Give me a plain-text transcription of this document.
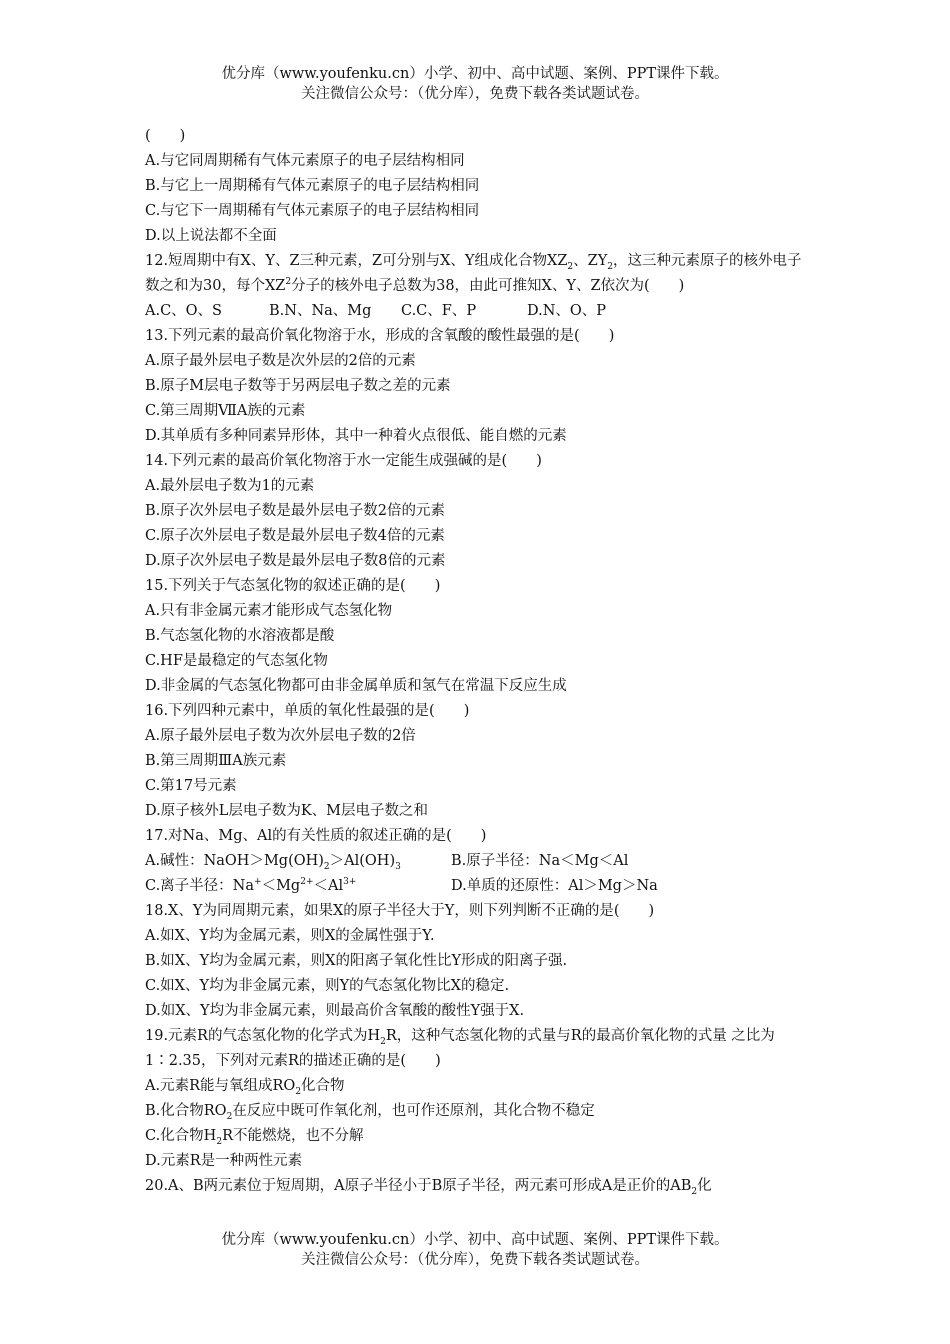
优分库（www.youfenku.cn）小学、初中、高中试题、案例、PPT课件下载。
关注微信公众号：（优分库），免费下载各类试题试卷。
(　　)
A.与它同周期稀有气体元素原子的电子层结构相同
B.与它上一周期稀有气体元素原子的电子层结构相同
C.与它下一周期稀有气体元素原子的电子层结构相同
D.以上说法都不全面
12.短周期中有X、Y、Z三种元素，Z可分别与X、Y组成化合物$XZ_2$、$ZY_2$，这三种元素原子的核外电子数之和为30，每个$XZ^2$分子的核外电子总数为38，由此可推知X、Y、Z依次为(　　)
A.C、O、S	B.N、Na、Mg	C.C、F、P	D.N、O、P
13.下列元素的最高价氧化物溶于水，形成的含氧酸的酸性最强的是(　　)
A.原子最外层电子数是次外层的2倍的元素
B.原子M层电子数等于另两层电子数之差的元素
C.第三周期ⅦA族的元素
D.其单质有多种同素异形体，其中一种着火点很低、能自燃的元素
14.下列元素的最高价氧化物溶于水一定能生成强碱的是(　　)
A.最外层电子数为1的元素
B.原子次外层电子数是最外层电子数2倍的元素
C.原子次外层电子数是最外层电子数4倍的元素
D.原子次外层电子数是最外层电子数8倍的元素
15.下列关于气态氢化物的叙述正确的是(　　)
A.只有非金属元素才能形成气态氢化物
B.气态氢化物的水溶液都是酸
C.HF是最稳定的气态氢化物
D.非金属的气态氢化物都可由非金属单质和氢气在常温下反应生成
16.下列四种元素中，单质的氧化性最强的是(　　)
A.原子最外层电子数为次外层电子数的2倍
B.第三周期ⅢA族元素
C.第17号元素
D.原子核外L层电子数为K、M层电子数之和
17.对Na、Mg、Al的有关性质的叙述正确的是(　　)
A.碱性：$NaOH>Mg(OH)_2>Al(OH)_3$	B.原子半径：Na＜Mg＜Al
C.离子半径：$Na^+<Mg^{2+}<Al^{3+}$	D.单质的还原性：Al＞Mg＞Na
18.X、Y为同周期元素，如果X的原子半径大于Y，则下列判断不正确的是(　　)
A.如X、Y均为金属元素，则X的金属性强于Y.
B.如X、Y均为金属元素，则X的阳离子氧化性比Y形成的阳离子强.
C.如X、Y均为非金属元素，则Y的气态氢化物比X的稳定.
D.如X、Y均为非金属元素，则最高价含氧酸的酸性Y强于X.
19.元素R的气态氢化物的化学式为$H_2R$，这种气态氢化物的式量与R的最高价氧化物的式量 之比为1∶2.35，下列对元素R的描述正确的是(　　)
A.元素R能与氧组成$RO_2$化合物
B.化合物$RO_2$在反应中既可作氧化剂，也可作还原剂，其化合物不稳定
C.化合物$H_2R$不能燃烧，也不分解
D.元素R是一种两性元素
20.A、B两元素位于短周期，A原子半径小于B原子半径，两元素可形成A是正价的$AB_2$化
优分库（www.youfenku.cn）小学、初中、高中试题、案例、PPT课件下载。
关注微信公众号：（优分库），免费下载各类试题试卷。
